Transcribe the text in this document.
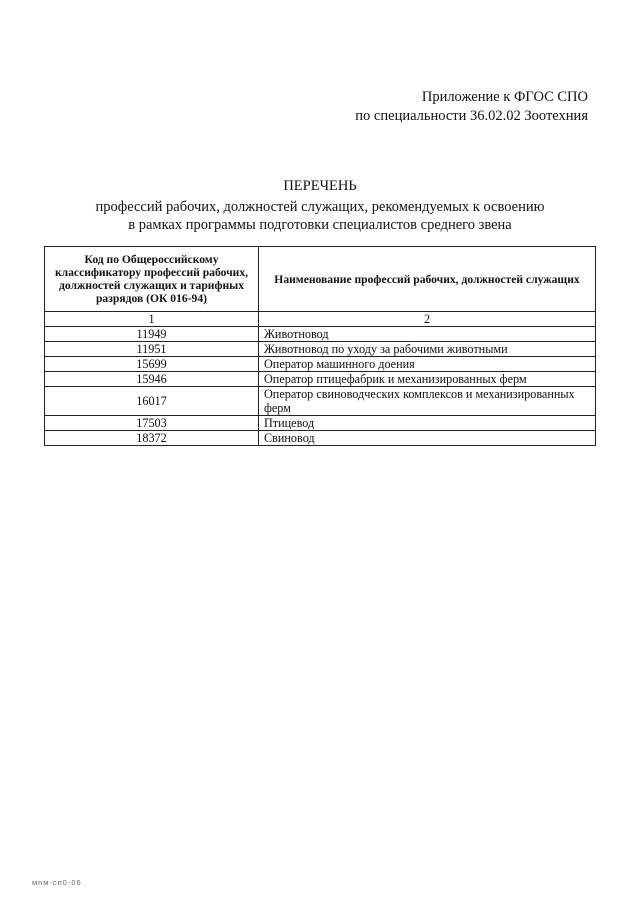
Приложение к ФГОС СПО
по специальности 36.02.02 Зоотехния
ПЕРЕЧЕНЬ
профессий рабочих, должностей служащих, рекомендуемых к освоению
в рамках программы подготовки специалистов среднего звена
Код по Общероссийскому классификатору профессий рабочих, должностей служащих и тарифных разрядов (ОК 016-94)	Наименование профессий рабочих, должностей служащих
1	2
11949	Животновод
11951	Животновод по уходу за рабочими животными
15699	Оператор машинного доения
15946	Оператор птицефабрик и механизированных ферм
16017	Оператор свиноводческих комплексов и механизированных ферм
17503	Птицевод
18372	Свиновод
мпм-сп0-06
